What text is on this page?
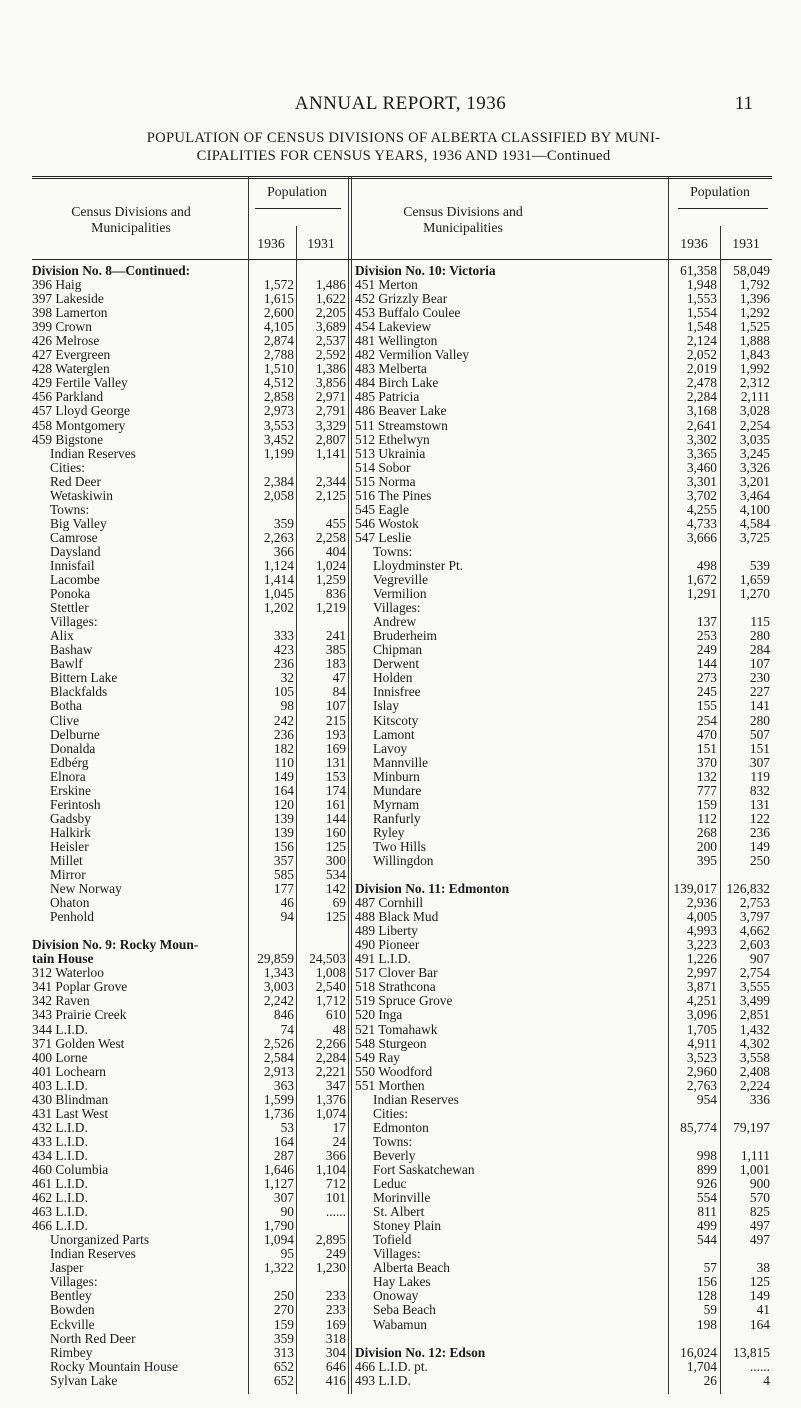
ANNUAL REPORT, 1936	11
POPULATION OF CENSUS DIVISIONS OF ALBERTA CLASSIFIED BY MUNI-
CIPALITIES FOR CENSUS YEARS, 1936 AND 1931—Continued
Census Divisions and
Municipalities
Population
1936	1931
Census Divisions and
Municipalities
Population
1936	1931
Division No. 8—Continued:
396 Haig	1,572	1,486
397 Lakeside	1,615	1,622
398 Lamerton	2,600	2,205
399 Crown	4,105	3,689
426 Melrose	2,874	2,537
427 Evergreen	2,788	2,592
428 Waterglen	1,510	1,386
429 Fertile Valley	4,512	3,856
456 Parkland	2,858	2,971
457 Lloyd George	2,973	2,791
458 Montgomery	3,553	3,329
459 Bigstone	3,452	2,807
Indian Reserves	1,199	1,141
Cities:
Red Deer	2,384	2,344
Wetaskiwin	2,058	2,125
Towns:
Big Valley	359	455
Camrose	2,263	2,258
Daysland	366	404
Innisfail	1,124	1,024
Lacombe	1,414	1,259
Ponoka	1,045	836
Stettler	1,202	1,219
Villages:
Alix	333	241
Bashaw	423	385
Bawlf	236	183
Bittern Lake	32	47
Blackfalds	105	84
Botha	98	107
Clive	242	215
Delburne	236	193
Donalda	182	169
Edbérg	110	131
Elnora	149	153
Erskine	164	174
Ferintosh	120	161
Gadsby	139	144
Halkirk	139	160
Heisler	156	125
Millet	357	300
Mirror	585	534
New Norway	177	142
Ohaton	46	69
Penhold	94	125
Division No. 9: Rocky Moun-
tain House	29,859	24,503
312 Waterloo	1,343	1,008
341 Poplar Grove	3,003	2,540
342 Raven	2,242	1,712
343 Prairie Creek	846	610
344 L.I.D.	74	48
371 Golden West	2,526	2,266
400 Lorne	2,584	2,284
401 Lochearn	2,913	2,221
403 L.I.D.	363	347
430 Blindman	1,599	1,376
431 Last West	1,736	1,074
432 L.I.D.	53	17
433 L.I.D.	164	24
434 L.I.D.	287	366
460 Columbia	1,646	1,104
461 L.I.D.	1,127	712
462 L.I.D.	307	101
463 L.I.D.	90	......
466 L.I.D.	1,790
Unorganized Parts	1,094	2,895
Indian Reserves	95	249
Jasper	1,322	1,230
Villages:
Bentley	250	233
Bowden	270	233
Eckville	159	169
North Red Deer	359	318
Rimbey	313	304
Rocky Mountain House	652	646
Sylvan Lake	652	416
Division No. 10: Victoria	61,358	58,049
451 Merton	1,948	1,792
452 Grizzly Bear	1,553	1,396
453 Buffalo Coulee	1,554	1,292
454 Lakeview	1,548	1,525
481 Wellington	2,124	1,888
482 Vermilion Valley	2,052	1,843
483 Melberta	2,019	1,992
484 Birch Lake	2,478	2,312
485 Patricia	2,284	2,111
486 Beaver Lake	3,168	3,028
511 Streamstown	2,641	2,254
512 Ethelwyn	3,302	3,035
513 Ukrainia	3,365	3,245
514 Sobor	3,460	3,326
515 Norma	3,301	3,201
516 The Pines	3,702	3,464
545 Eagle	4,255	4,100
546 Wostok	4,733	4,584
547 Leslie	3,666	3,725
Towns:
Lloydminster Pt.	498	539
Vegreville	1,672	1,659
Vermilion	1,291	1,270
Villages:
Andrew	137	115
Bruderheim	253	280
Chipman	249	284
Derwent	144	107
Holden	273	230
Innisfree	245	227
Islay	155	141
Kitscoty	254	280
Lamont	470	507
Lavoy	151	151
Mannville	370	307
Minburn	132	119
Mundare	777	832
Myrnam	159	131
Ranfurly	112	122
Ryley	268	236
Two Hills	200	149
Willingdon	395	250
Division No. 11: Edmonton	139,017 126,832
487 Cornhill	2,936	2,753
488 Black Mud	4,005	3,797
489 Liberty	4,993	4,662
490 Pioneer	3,223	2,603
491 L.I.D.	1,226	907
517 Clover Bar	2,997	2,754
518 Strathcona	3,871	3,555
519 Spruce Grove	4,251	3,499
520 Inga	3,096	2,851
521 Tomahawk	1,705	1,432
548 Sturgeon	4,911	4,302
549 Ray	3,523	3,558
550 Woodford	2,960	2,408
551 Morthen	2,763	2,224
Indian Reserves	954	336
Cities:
Edmonton	85,774	79,197
Towns:
Beverly	998	1,111
Fort Saskatchewan	899	1,001
Leduc	926	900
Morinville	554	570
St. Albert	811	825
Stoney Plain	499	497
Tofield	544	497
Villages:
Alberta Beach	57	38
Hay Lakes	156	125
Onoway	128	149
Seba Beach	59	41
Wabamun	198	164
Division No. 12: Edson	16,024	13,815
466 L.I.D. pt.	1,704	......
493 L.I.D.	26	4
